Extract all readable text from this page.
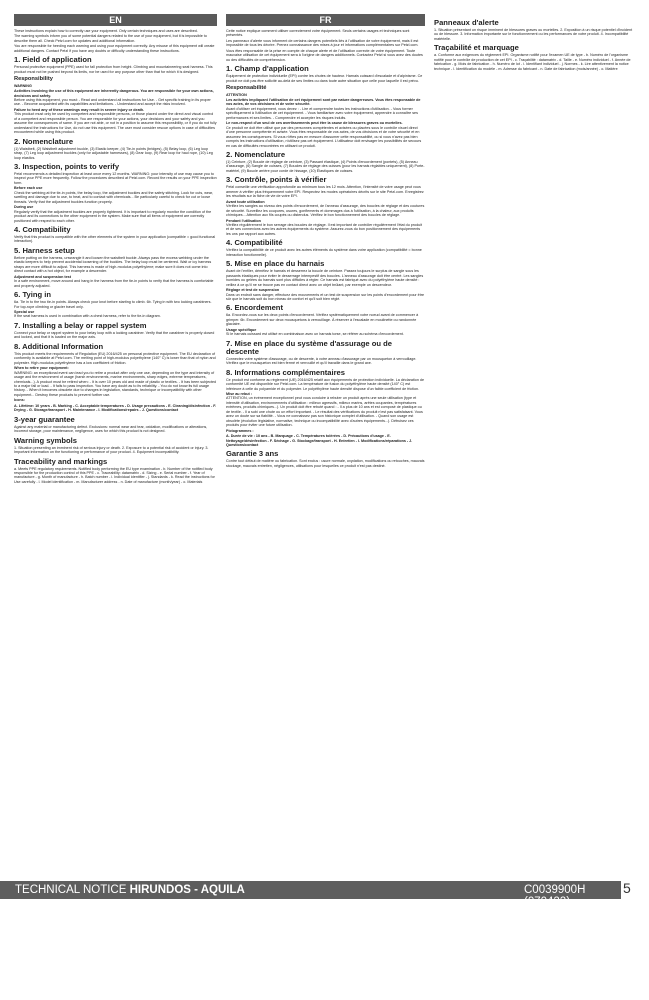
EN
These instructions explain how to correctly use your equipment. Only certain techniques and uses are described.
The warning symbols inform you of some potential dangers related to the use of your equipment, but it is impossible to describe them all. Check Petzl.com for updates and additional information.
You are responsible for heeding each warning and using your equipment correctly. Any misuse of this equipment will create additional dangers. Contact Petzl if you have any doubts or difficulty understanding these instructions.
1. Field of application
Personal protective equipment (PPE) used for fall protection from height. Climbing and mountaineering seat harness. This product must not be pushed beyond its limits, nor be used for any purpose other than that for which it is designed.
Responsibility
WARNING
Activities involving the use of this equipment are inherently dangerous. You are responsible for your own actions, decisions and safety.
Before using this equipment, you must: - Read and understand all instructions for Use. - Get specific training in its proper use. - Become acquainted with its capabilities and limitations. - Understand and accept the risks involved.
Failure to heed any of these warnings may result in severe injury or death.
This product must only be used by competent and responsible persons, or those placed under the direct and visual control of a competent and responsible person. You are responsible for your actions, your decisions and your safety and you assume the consequences of same. If you are not able, or not in a position to assume this responsibility, or if you do not fully understand the instructions for Use, do not use this equipment. The user must consider rescue options in case of difficulties encountered while using this product.
2. Nomenclature
(1) Waistbelt, (2) Waistbelt adjustment buckle, (3) Elastic keeper, (4) Tie-in points (bridges), (5) Belay loop, (6) Leg loop strap, (7) Leg loop adjustment buckles (only for adjustable harnesses), (8) Gear loop, (9) Rear loop for haul rope, (10) Leg loop elastics.
3. Inspection, points to verify
Petzl recommends a detailed inspection at least once every 12 months. WARNING: your intensity of use may cause you to inspect your PPE more frequently. Follow the procedures described at Petzl.com. Record the results on your PPE inspection form.
Before each use
Check the webbing at the tie-in points, the belay loop, the adjustment buckles and the safety stitching. Look for cuts, wear, swelling and damage due to use, to heat, and to contact with chemicals... Be particularly careful to check for cut or loose threads. Verify that the adjustment buckles function properly.
During use
Regularly verify that the adjustment buckles are properly tightened. It is important to regularly monitor the condition of the product and its connections to the other equipment in the system. Make sure that all items of equipment are correctly positioned with respect to each other.
4. Compatibility
Verify that this product is compatible with the other elements of the system in your application (compatible = good functional interaction).
5. Harness setup
Before putting on the harness, unwrangle it and loosen the waistbelt buckle. Always pass the excess webbing under the elastic keepers to help prevent accidental loosening of the buckles. The belay loop must be centered. Wait or icy harness straps are more difficult to adjust. This harness is made of high-modulus polyethylene; make sure it does not come into direct contact with a hot object, for example a descender.
Adjustment and suspension test
In a safe environment, move around and hang in the harness from the tie-in points to verify that the harness is comfortable and properly adjusted.
6. Tying in
6a. Tie in to the two tie-in points. Always check your knot before starting to climb. 6b. Tying in with two locking carabiners. For top-rope climbing or glacier travel only.
Special use
If the seat harness is used in combination with a chest harness, refer to the tie-in diagram.
7. Installing a belay or rappel system
Connect your belay or rappel system to your belay loop with a locking carabiner. Verify that the carabiner is properly closed and locked, and that it is loaded on the major axis.
8. Additional Information
This product meets the requirements of Regulation (EU) 2016/425 on personal protective equipment. The EU declaration of conformity is available at Petzl.com. The melting point of high-modulus polyethylene (140° C) is lower than that of nylon and polyester. High-modulus polyethylene has a low coefficient of friction.
When to retire your equipment:
WARNING: an exceptional event can lead you to retire a product after only one use, depending on the type and intensity of usage and the environment of usage (harsh environments, marine environments, sharp edges, extreme temperatures, chemicals...). A product must be retired when: - It is over 10 years old and made of plastic or textiles. - It has been subjected to a major fall or load. - It fails to pass inspection. You have any doubt as to its reliability. - You do not know its full usage history. - When it becomes obsolete due to changes in legislation, standards, technique or incompatibility with other equipment... Destroy these products to prevent further use.
Icons:
A. Lifetime: 10 years - B. Marking - C. Acceptable temperatures - D. Usage precautions - E. Cleaning/disinfection - F. Drying - G. Storage/transport - H. Maintenance - I. Modifications/repairs - J. Questions/contact
3-year guarantee
Against any material or manufacturing defect. Exclusions: normal wear and tear, oxidation, modifications or alterations, incorrect storage, poor maintenance, negligence, uses for which this product is not designed.
Warning symbols
1. Situation presenting an imminent risk of serious injury or death. 2. Exposure to a potential risk of accident or injury. 3. Important information on the functioning or performance of your product. 4. Equipment incompatibility.
Traceability and markings
a. Meets PPE regulatory requirements. Notified body performing the EU type examination - b. Number of the notified body responsible for the production control of this PPE - c. Traceability: datamatrix - d. Sizing - e. Serial number - f. Year of manufacture - g. Month of manufacture - h. Batch number - i. Individual identifier - j. Standards - k. Read the instructions for Use carefully - l. Model identification - m. Manufacturer address - n. Date of manufacture (month/year) - o. Materials
FR
Cette notice explique comment utiliser correctement votre équipement. Seuls certains usages et techniques sont présentés.
Les panneaux d'alerte vous informent de certains dangers potentiels liés à l'utilisation de votre équipement, mais il est impossible de tous les décrire. Prenez connaissance des mises à jour et informations complémentaires sur Petzl.com.
Vous êtes responsable de la prise en compte de chaque alerte et de l'utilisation correcte de votre équipement. Toute mauvaise utilisation de cet équipement sera à l'origine de dangers additionnels. Contactez Petzl si vous avez des doutes ou des difficultés de compréhension.
1. Champ d'application
Équipement de protection individuelle (EPI) contre les chutes de hauteur. Harnais cuissard d'escalade et d'alpinisme. Ce produit ne doit pas être sollicité au-delà de ses limites ou dans toute autre situation que celle pour laquelle il est prévu.
Responsabilité
ATTENTION
Les activités impliquant l'utilisation de cet équipement sont par nature dangereuses. Vous êtes responsable de vos actes, de vos décisions et de votre sécurité.
Avant d'utiliser cet équipement, vous devez : - Lire et comprendre toutes les instructions d'utilisation. - Vous former spécifiquement à l'utilisation de cet équipement. - Vous familiariser avec votre équipement, apprendre à connaître ses performances et ses limites. - Comprendre et accepter les risques induits.
Le non-respect d'un seul de ces avertissements peut être la cause de blessures graves ou mortelles.
Ce produit ne doit être utilisé que par des personnes compétentes et avisées ou placées sous le contrôle visuel direct d'une personne compétente et avisée. Vous êtes responsable de vos actes, de vos décisions et de votre sécurité et en assumez les conséquences. Si vous n'êtes pas en mesure d'assumer cette responsabilité, ou si vous n'avez pas bien compris les instructions d'utilisation, n'utilisez pas cet équipement. L'utilisateur doit envisager les possibilités de secours en cas de difficultés rencontrées en utilisant ce produit.
2. Nomenclature
(1) Ceinture, (2) Boucle de réglage de ceinture, (3) Passant élastique, (4) Points d'encordement (pontets), (5) Anneau d'assurage, (6) Sangle de cuisses, (7) Boucles de réglage des cuisses (pour les harnais réglables uniquement), (8) Porte-matériel, (9) Boucle arrière pour corde de hissage, (10) Élastiques de cuisses.
3. Contrôle, points à vérifier
Petzl conseille une vérification approfondie au minimum tous les 12 mois. Attention, l'intensité de votre usage peut vous amener à vérifier plus fréquemment votre EPI. Respectez les modes opératoires décrits sur le site Petzl.com. Enregistrez les résultats sur la fiche de vie de votre EPI.
Avant toute utilisation
Vérifiez les sangles au niveau des points d'encordement, de l'anneau d'assurage, des boucles de réglage et des coutures de sécurité. Surveillez les coupures, usures, gonflements et dommages dus à l'utilisation, à la chaleur, aux produits chimiques... Attention aux fils coupés ou distendus. Vérifiez le bon fonctionnement des boucles de réglage.
Pendant l'utilisation
Vérifiez régulièrement le bon serrage des boucles de réglage. Il est important de contrôler régulièrement l'état du produit et de ses connexions avec les autres équipements du système. Assurez-vous du bon positionnement des équipements les uns par rapport aux autres.
4. Compatibilité
Vérifiez la compatibilité de ce produit avec les autres éléments du système dans votre application (compatibilité = bonne interaction fonctionnelle).
5. Mise en place du harnais
Avant de l'enfiler, démêlez le harnais et desserrez la boucle de ceinture. Passez toujours le surplus de sangle sous les passants élastiques pour éviter le desserrage intempestif des boucles. L'anneau d'assurage doit être centré. Les sangles humides ou gelées du harnais sont plus difficiles à régler. Ce harnais est fabriqué avec du polyéthylène haute densité : veillez à ce qu'il ne se trouve pas en contact direct avec un objet brûlant, par exemple un descendeur.
Réglage et test de suspension
Dans un endroit sans danger, effectuez des mouvements et un test de suspension sur les points d'encordement pour être sûr que le harnais soit du bon niveau de confort et qu'il soit bien réglé.
6. Encordement
6a. Encordez-vous sur les deux points d'encordement. Vérifiez systématiquement votre noeud avant de commencer à grimper. 6b. Encordement sur deux mousquetons à verrouillage. À réserver à l'escalade en moulinette ou randonnée glaciaire.
Usage spécifique
Si le harnais cuissard est utilisé en combinaison avec un harnais torse, se référer au schéma d'encordement.
7. Mise en place du système d'assurage ou de descente
Connectez votre système d'assurage, ou de descente, à votre anneau d'assurage par un mousqueton à verrouillage. Vérifiez que le mousqueton est bien fermé et verrouillé et qu'il travaille dans le grand axe.
8. Informations complémentaires
Ce produit est conforme au règlement (UE) 2016/425 relatif aux équipements de protection individuelle. La déclaration de conformité UE est disponible sur Petzl.com. La température de fusion du polyéthylène haute densité (140° C) est inférieure à celle du polyamide et du polyester. Le polyéthylène haute densité dispose d'un faible coefficient de friction.
Mise au rebut :
ATTENTION, un événement exceptionnel peut vous conduire à rebuter un produit après une seule utilisation (type et intensité d'utilisation, environnements d'utilisation : milieux agressifs, milieux marins, arêtes coupantes, températures extrêmes, produits chimiques...). Un produit doit être rebuté quand : - Il a plus de 10 ans et est composé de plastique ou de textile. - Il a subi une chute ou un effort important. - Le résultat des vérifications du produit n'est pas satisfaisant. Vous avez un doute sur sa fiabilité. - Vous ne connaissez pas son historique complet d'utilisation. - Quand son usage est obsolète (évolution législative, normative, technique ou incompatibilité avec d'autres équipements...). Détruisez ces produits pour éviter une future utilisation.
Pictogrammes :
A. Durée de vie : 10 ans - B. Marquage - C. Températures tolérées - D. Précautions d'usage - E. Nettoyage/désinfection - F. Séchage - G. Stockage/transport - H. Entretien - I. Modifications/réparations - J. Questions/contact
Garantie 3 ans
Contre tout défaut de matière ou fabrication. Sont exclus : usure normale, oxydation, modifications ou retouches, mauvais stockage, mauvais entretien, négligences, utilisations pour lesquelles ce produit n'est pas destiné.
Panneaux d'alerte
1. Situation présentant un risque imminent de blessures graves ou mortelles. 2. Exposition à un risque potentiel d'incident ou de blessure. 3. Information importante sur le fonctionnement ou les performances de votre produit. 4. Incompatibilité matérielle.
Traçabilité et marquage
a. Conforme aux exigences du règlement EPI. Organisme notifié pour l'examen UE de type - b. Numéro de l'organisme notifié pour le contrôle de production de cet EPI - c. Traçabilité : datamatrix - d. Taille - e. Numéro individuel - f. Année de fabrication - g. Mois de fabrication - h. Numéro de lot - i. Identifiant individuel - j. Normes - k. Lire attentivement la notice technique - l. Identification du modèle - m. Adresse du fabricant - n. Date de fabrication (mois/année) - o. Matière
TECHNICAL NOTICE HIRUNDOS - AQUILA	C0039900H (070422)
5
